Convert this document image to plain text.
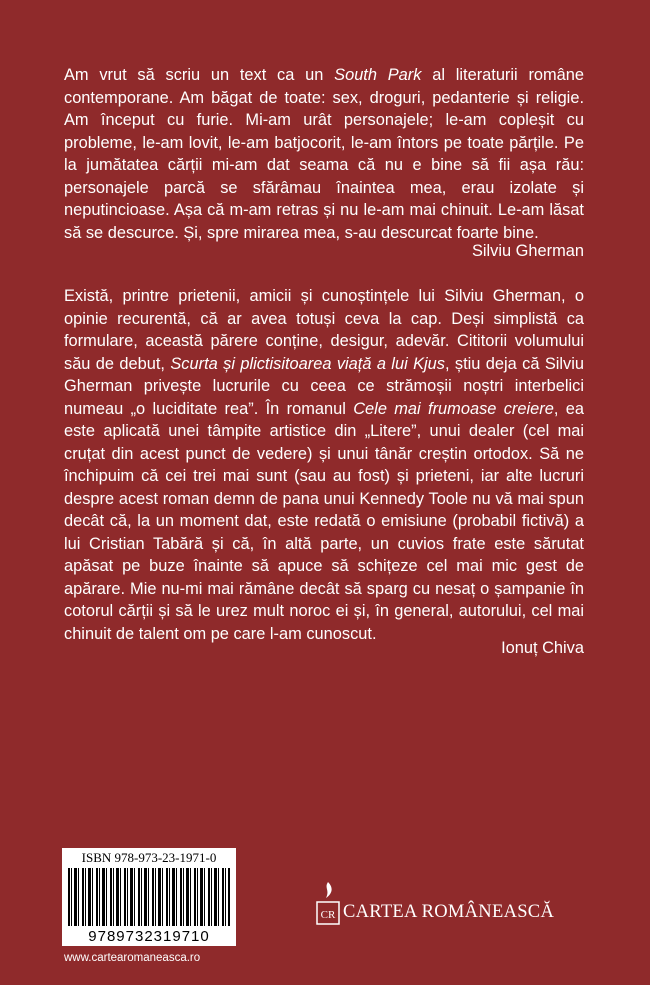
Am vrut să scriu un text ca un South Park al literaturii române contemporane. Am băgat de toate: sex, droguri, pedanterie și religie. Am început cu furie. Mi-am urât personajele; le-am copleșit cu probleme, le-am lovit, le-am batjocorit, le-am întors pe toate părțile. Pe la jumătatea cărții mi-am dat seama că nu e bine să fii așa rău: personajele parcă se sfărâmau înaintea mea, erau izolate și neputincioase. Așa că m-am retras și nu le-am mai chinuit. Le-am lăsat să se descurce. Și, spre mirarea mea, s-au descurcat foarte bine.

Silviu Gherman

Există, printre prietenii, amicii și cunoștințele lui Silviu Gherman, o opinie recurentă, că ar avea totuși ceva la cap. Deși simplistă ca formulare, această părere conține, desigur, adevăr. Cititorii volumului său de debut, Scurta și plictisitoarea viață a lui Kjus, știu deja că Silviu Gherman privește lucrurile cu ceea ce strămoșii noștri interbelici numeau „o luciditate rea”. În romanul Cele mai frumoase creiere, ea este aplicată unei tâmpite artistice din „Litere”, unui dealer (cel mai cruțat din acest punct de vedere) și unui tânăr creștin ortodox. Să ne închipuim că cei trei mai sunt (sau au fost) și prieteni, iar alte lucruri despre acest roman demn de pana unui Kennedy Toole nu vă mai spun decât că, la un moment dat, este redată o emisiune (probabil fictivă) a lui Cristian Tabără și că, în altă parte, un cuvios frate este sărutat apăsat pe buze înainte să apuce să schițeze cel mai mic gest de apărare. Mie nu-mi mai rămâne decât să sparg cu nesaț o șampanie în cotorul cărții și să le urez mult noroc ei și, în general, autorului, cel mai chinuit de talent om pe care l-am cunoscut.

Ionuț Chiva
ISBN 978-973-23-1971-0
9789732319710
www.cartearomaneasca.ro
CR CARTEA ROMÂNEASCĂ
